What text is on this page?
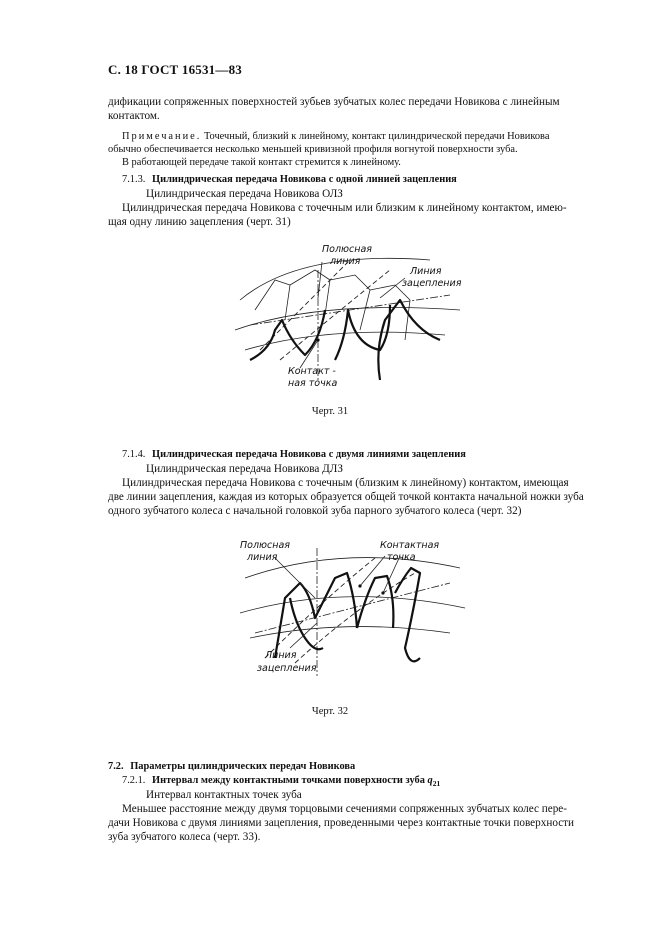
С. 18 ГОСТ 16531—83
дификации сопряженных поверхностей зубьев зубчатых колес передачи Новикова с линейным
контактом.
Примечание. Точечный, близкий к линейному, контакт цилиндрической передачи Новикова
обычно обеспечивается несколько меньшей кривизной профиля вогнутой поверхности зуба.
В работающей передаче такой контакт стремится к линейному.
7.1.3. Цилиндрическая передача Новикова с одной линией зацепления
Цилиндрическая передача Новикова ОЛЗ
Цилиндрическая передача Новикова с точечным или близким к линейному контактом, имею-
щая одну линию зацепления (черт. 31)
Полюсная
линия
Линия
зацепления
Контакт -
ная точка
Черт. 31
7.1.4. Цилиндрическая передача Новикова с двумя линиями зацепления
Цилиндрическая передача Новикова ДЛЗ
Цилиндрическая передача Новикова с точечным (близким к линейному) контактом, имеющая
две линии зацепления, каждая из которых образуется общей точкой контакта начальной ножки зуба
одного зубчатого колеса с начальной головкой зуба парного зубчатого колеса (черт. 32)
Полюсная
линия
Контактная
точка
Линия
зацепления
Черт. 32
7.2. Параметры цилиндрических передач Новикова
7.2.1. Интервал между контактными точками поверхности зуба $q_{21}$
Интервал контактных точек зуба
Меньшее расстояние между двумя торцовыми сечениями сопряженных зубчатых колес пере-
дачи Новикова с двумя линиями зацепления, проведенными через контактные точки поверхности
зуба зубчатого колеса (черт. 33).
